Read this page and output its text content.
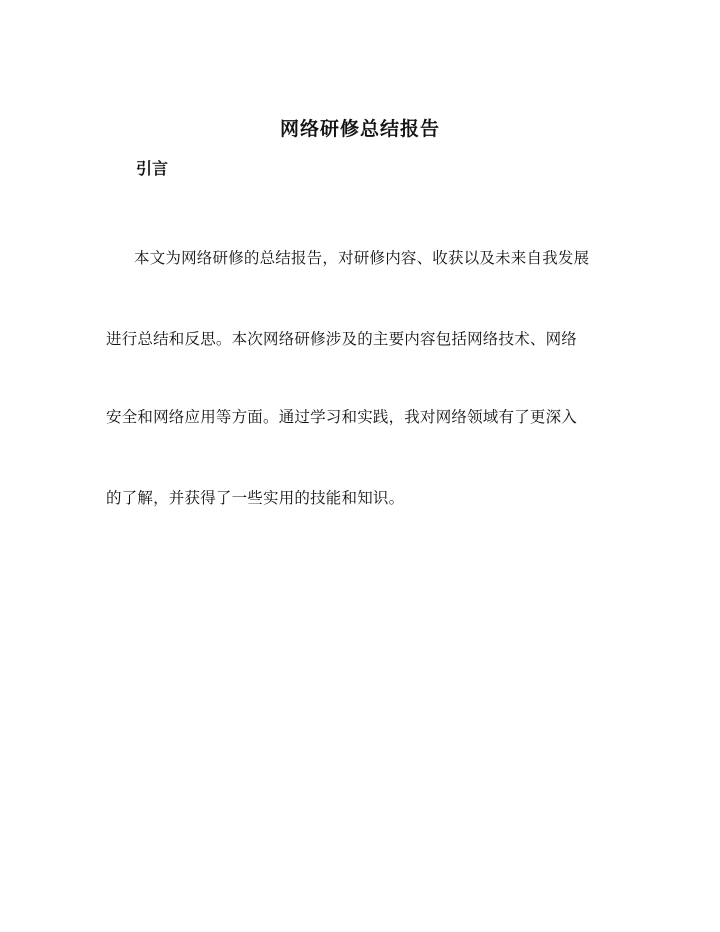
网络研修总结报告
引言

本文为网络研修的总结报告，对研修内容、收获以及未来自我发展

进行总结和反思。本次网络研修涉及的主要内容包括网络技术、网络

安全和网络应用等方面。通过学习和实践，我对网络领域有了更深入

的了解，并获得了一些实用的技能和知识。
